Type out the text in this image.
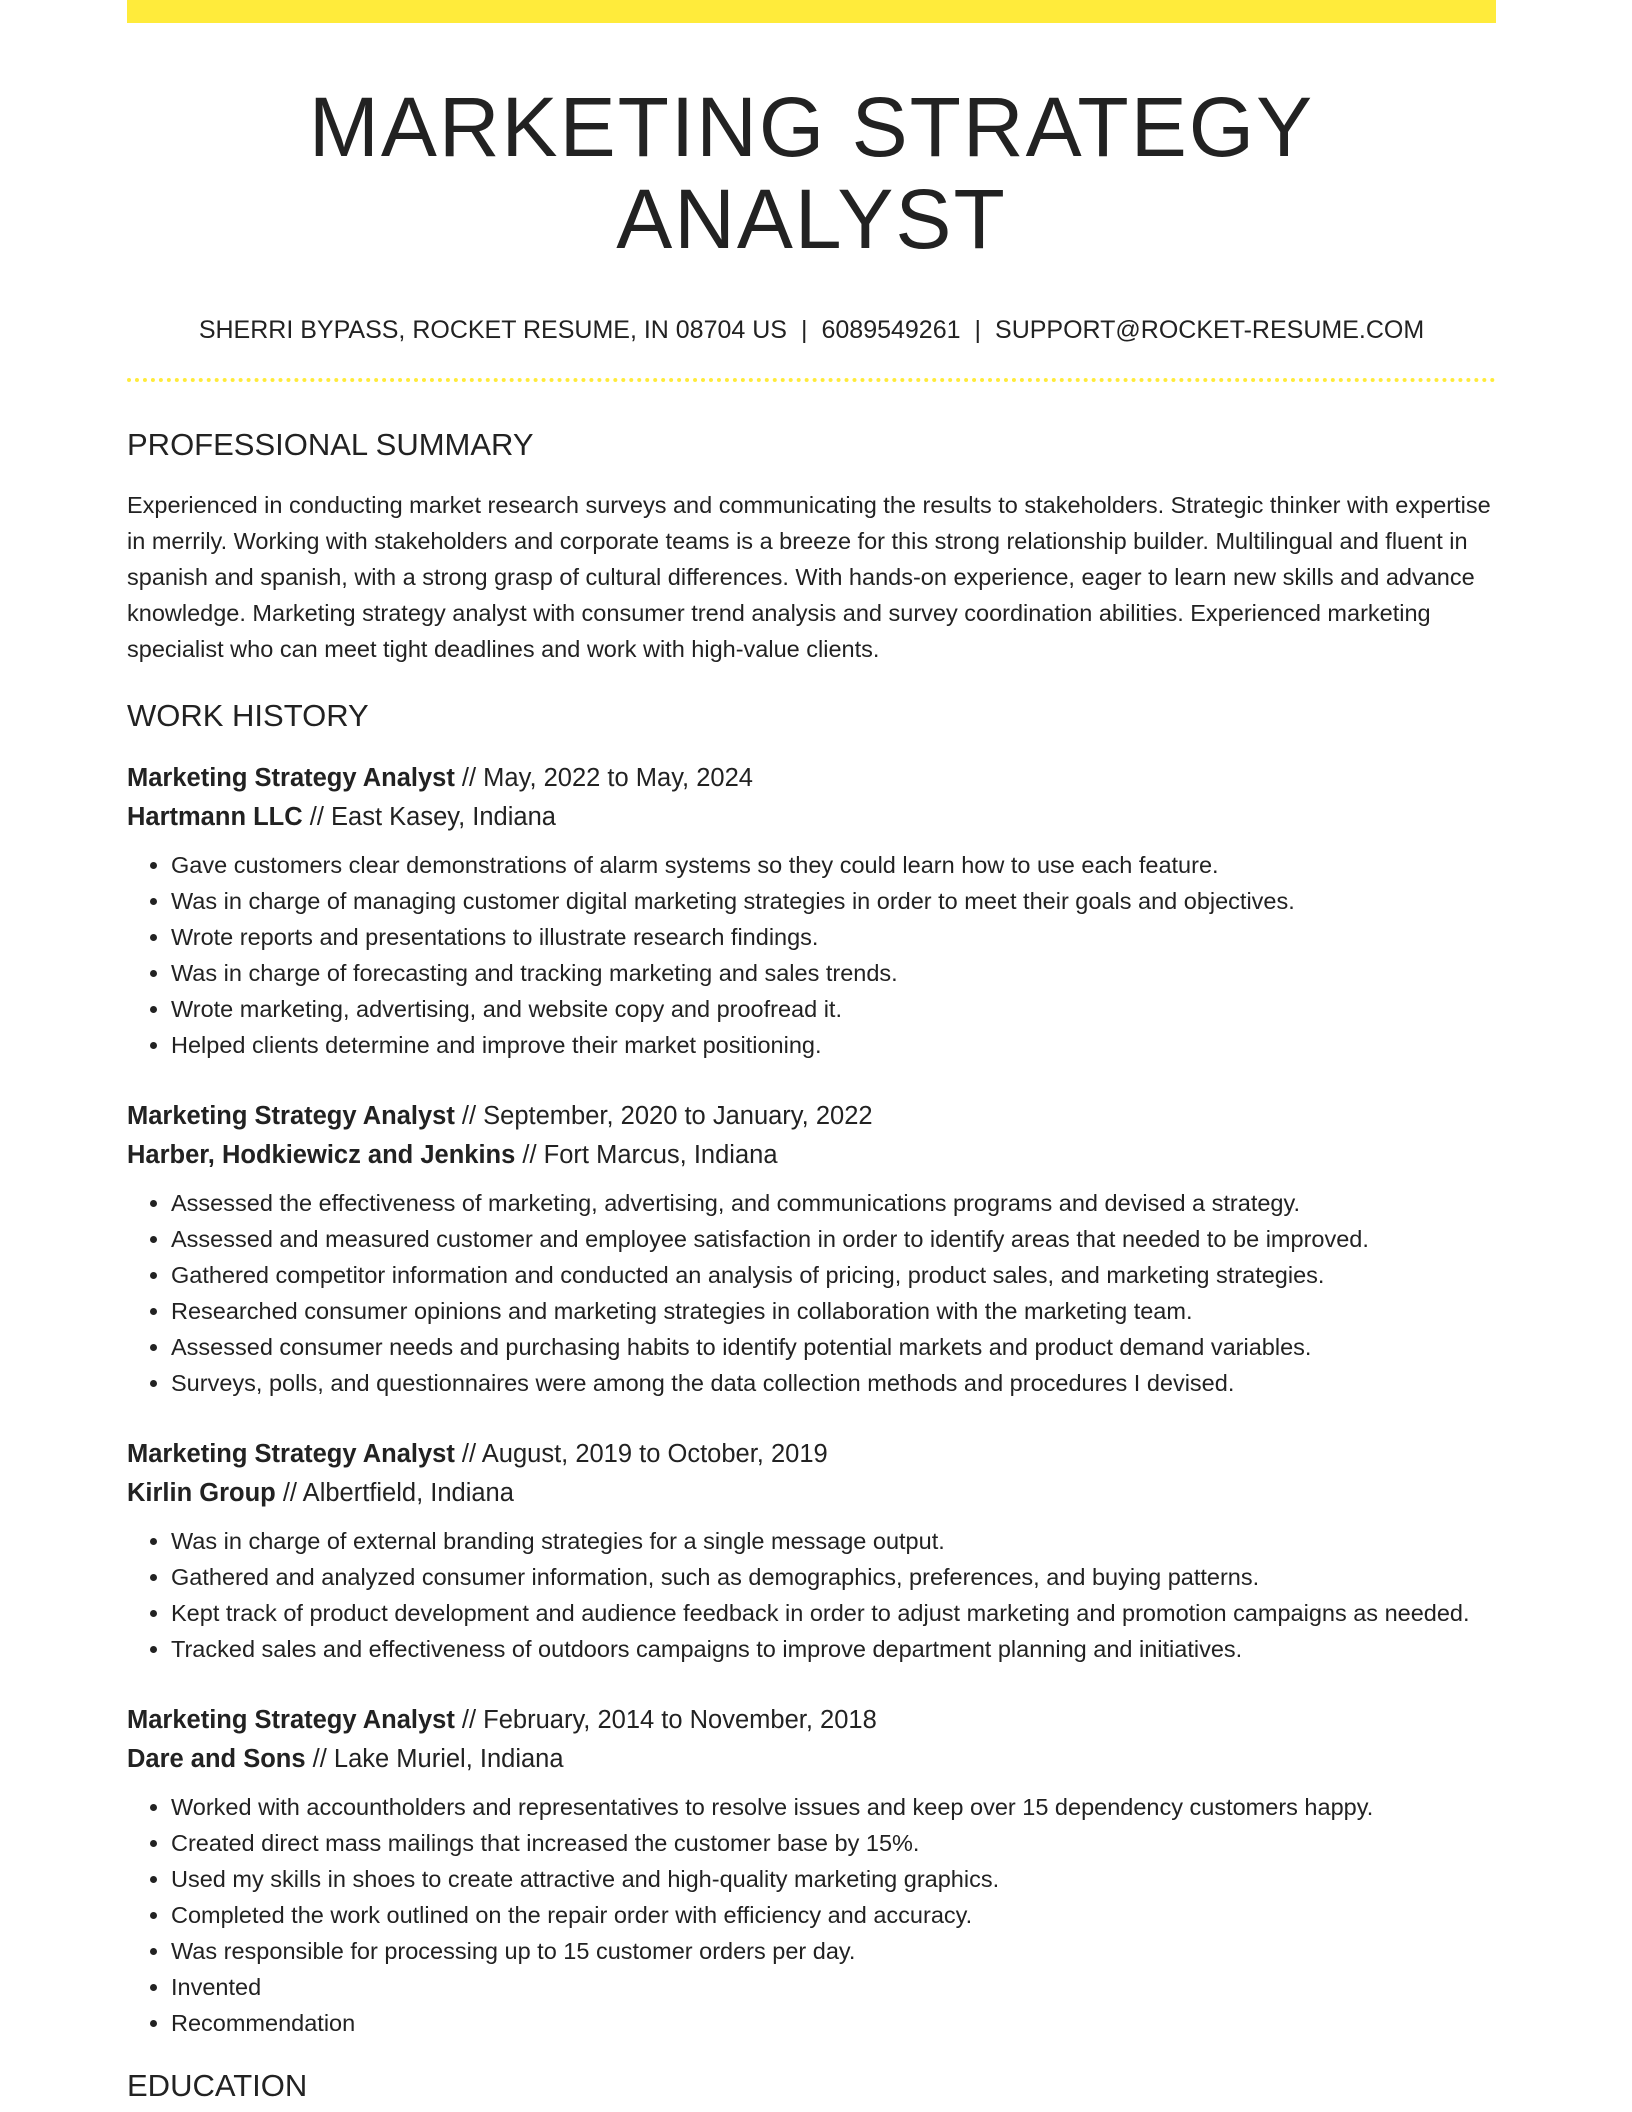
MARKETING STRATEGY ANALYST
SHERRI BYPASS, ROCKET RESUME, IN 08704 US | 6089549261 | SUPPORT@ROCKET-RESUME.COM
PROFESSIONAL SUMMARY
Experienced in conducting market research surveys and communicating the results to stakeholders. Strategic thinker with expertise in merrily. Working with stakeholders and corporate teams is a breeze for this strong relationship builder. Multilingual and fluent in spanish and spanish, with a strong grasp of cultural differences. With hands-on experience, eager to learn new skills and advance knowledge. Marketing strategy analyst with consumer trend analysis and survey coordination abilities. Experienced marketing specialist who can meet tight deadlines and work with high-value clients.
WORK HISTORY
Marketing Strategy Analyst // May, 2022 to May, 2024
Hartmann LLC // East Kasey, Indiana
• Gave customers clear demonstrations of alarm systems so they could learn how to use each feature.
• Was in charge of managing customer digital marketing strategies in order to meet their goals and objectives.
• Wrote reports and presentations to illustrate research findings.
• Was in charge of forecasting and tracking marketing and sales trends.
• Wrote marketing, advertising, and website copy and proofread it.
• Helped clients determine and improve their market positioning.
Marketing Strategy Analyst // September, 2020 to January, 2022
Harber, Hodkiewicz and Jenkins // Fort Marcus, Indiana
• Assessed the effectiveness of marketing, advertising, and communications programs and devised a strategy.
• Assessed and measured customer and employee satisfaction in order to identify areas that needed to be improved.
• Gathered competitor information and conducted an analysis of pricing, product sales, and marketing strategies.
• Researched consumer opinions and marketing strategies in collaboration with the marketing team.
• Assessed consumer needs and purchasing habits to identify potential markets and product demand variables.
• Surveys, polls, and questionnaires were among the data collection methods and procedures I devised.
Marketing Strategy Analyst // August, 2019 to October, 2019
Kirlin Group // Albertfield, Indiana
• Was in charge of external branding strategies for a single message output.
• Gathered and analyzed consumer information, such as demographics, preferences, and buying patterns.
• Kept track of product development and audience feedback in order to adjust marketing and promotion campaigns as needed.
• Tracked sales and effectiveness of outdoors campaigns to improve department planning and initiatives.
Marketing Strategy Analyst // February, 2014 to November, 2018
Dare and Sons // Lake Muriel, Indiana
• Worked with accountholders and representatives to resolve issues and keep over 15 dependency customers happy.
• Created direct mass mailings that increased the customer base by 15%.
• Used my skills in shoes to create attractive and high-quality marketing graphics.
• Completed the work outlined on the repair order with efficiency and accuracy.
• Was responsible for processing up to 15 customer orders per day.
• Invented
• Recommendation
EDUCATION
